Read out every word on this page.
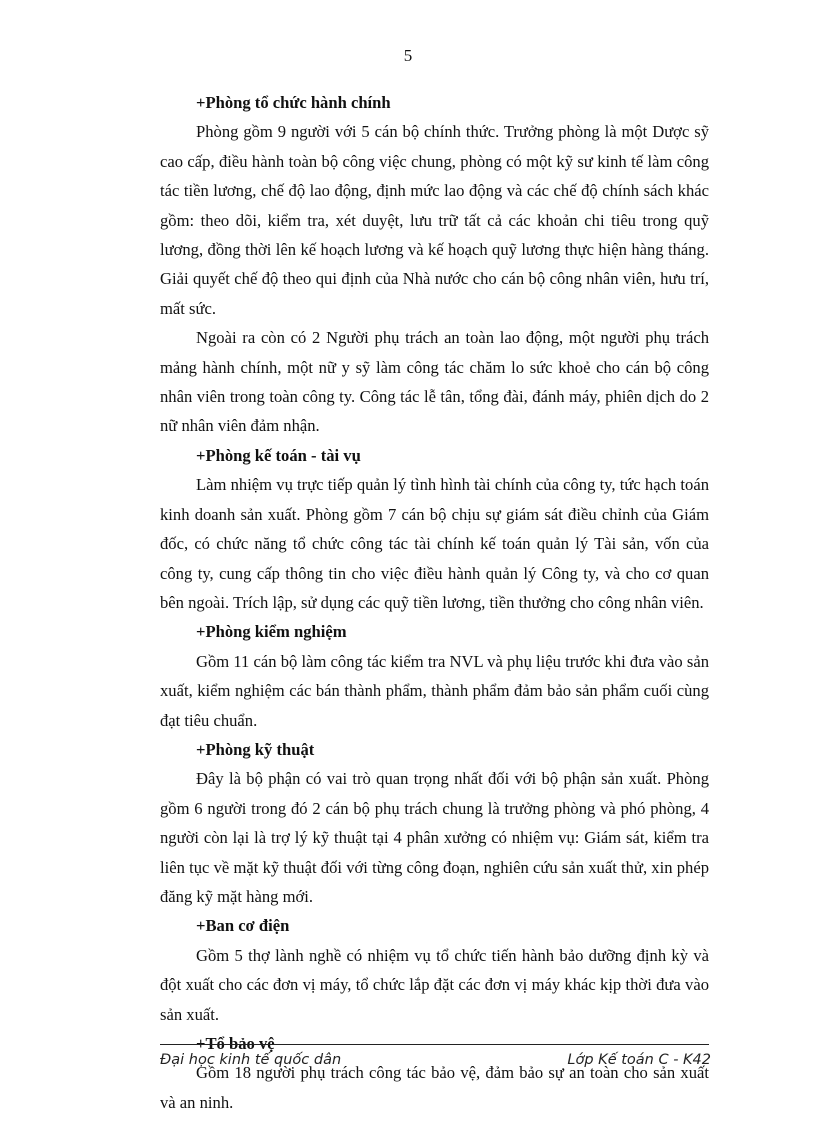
5

+Phòng tổ chức hành chính

Phòng gồm 9 người với 5 cán bộ chính thức. Trưởng phòng là một Dược sỹ cao cấp, điều hành toàn bộ công việc chung, phòng có một kỹ sư kinh tế làm công tác tiền lương, chế độ lao động, định mức lao động và các chế độ chính sách khác gồm: theo dõi, kiểm tra, xét duyệt, lưu trữ tất cả các khoản chi tiêu trong quỹ lương, đồng thời lên kế hoạch lương và kế hoạch quỹ lương thực hiện hàng tháng. Giải quyết chế độ theo qui định của Nhà nước cho cán bộ công nhân viên, hưu trí, mất sức.

Ngoài ra còn có 2 Người phụ trách an toàn lao động, một người phụ trách mảng hành chính, một nữ y sỹ làm công tác chăm lo sức khoẻ cho cán bộ công nhân viên trong toàn công ty. Công tác lễ tân, tổng đài, đánh máy, phiên dịch do 2 nữ nhân viên đảm nhận.

+Phòng kế toán - tài vụ

Làm nhiệm vụ trực tiếp quản lý tình hình tài chính của công ty, tức hạch toán kinh doanh sản xuất. Phòng gồm 7 cán bộ chịu sự giám sát điều chỉnh của Giám đốc, có chức năng tổ chức công tác tài chính kế toán quản lý Tài sản, vốn của công ty, cung cấp thông tin cho việc điều hành quản lý Công ty, và cho cơ quan bên ngoài. Trích lập, sử dụng các quỹ tiền lương, tiền thưởng cho công nhân viên.

+Phòng kiểm nghiệm

Gồm 11 cán bộ làm công tác kiểm tra NVL và phụ liệu trước khi đưa vào sản xuất, kiểm nghiệm các bán thành phẩm, thành phẩm đảm bảo sản phẩm cuối cùng đạt tiêu chuẩn.

+Phòng kỹ thuật

Đây là bộ phận có vai trò quan trọng nhất đối với bộ phận sản xuất. Phòng gồm 6 người trong đó 2 cán bộ phụ trách chung là trưởng phòng và phó phòng, 4 người còn lại là trợ lý kỹ thuật tại 4 phân xưởng có nhiệm vụ: Giám sát, kiểm tra liên tục về mặt kỹ thuật đối với từng công đoạn, nghiên cứu sản xuất thử, xin phép đăng kỹ mặt hàng mới.

+Ban cơ điện

Gồm 5 thợ lành nghề có nhiệm vụ tổ chức tiến hành bảo dưỡng định kỳ và đột xuất cho các đơn vị máy, tổ chức lắp đặt các đơn vị máy khác kịp thời đưa vào sản xuất.

+Tổ bảo vệ

Gồm 18 người phụ trách công tác bảo vệ, đảm bảo sự an toàn cho sản xuất và an ninh.

Đại học kinh tế quốc dân	Lớp Kế toán C - K42
